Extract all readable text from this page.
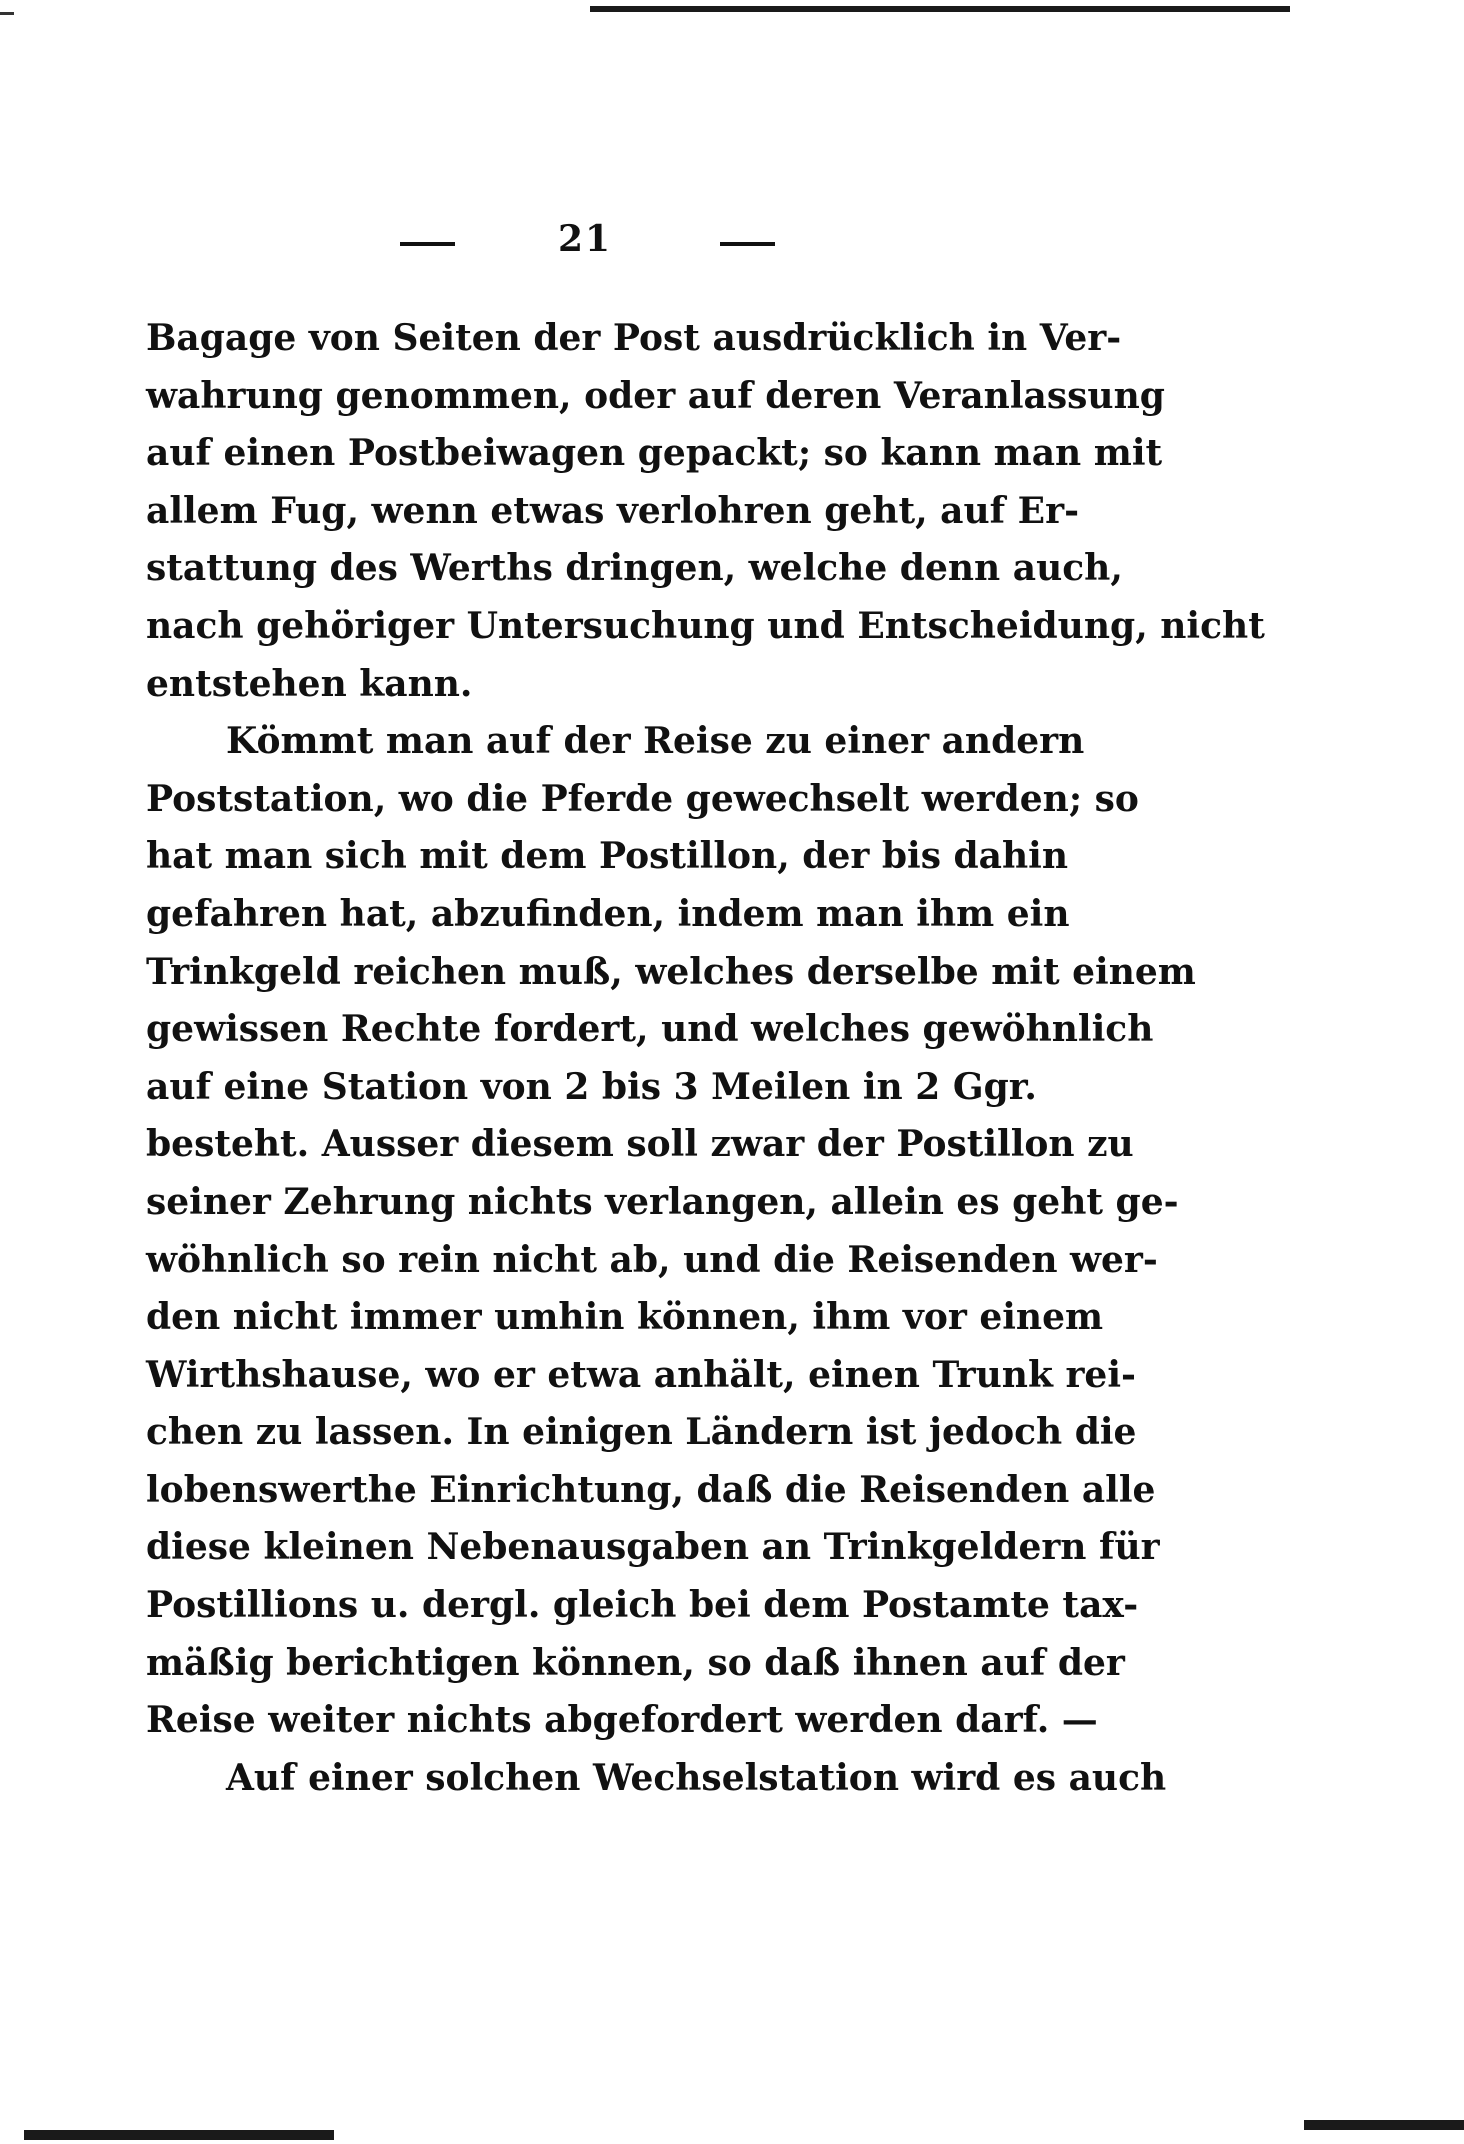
21
Bagage von Seiten der Post ausdrücklich in Ver-
wahrung genommen, oder auf deren Veranlassung
auf einen Postbeiwagen gepackt; so kann man mit
allem Fug, wenn etwas verlohren geht, auf Er-
stattung des Werths dringen, welche denn auch,
nach gehöriger Untersuchung und Entscheidung, nicht
entstehen kann.
Kömmt man auf der Reise zu einer andern
Poststation, wo die Pferde gewechselt werden; so
hat man sich mit dem Postillon, der bis dahin
gefahren hat, abzufinden, indem man ihm ein
Trinkgeld reichen muß, welches derselbe mit einem
gewissen Rechte fordert, und welches gewöhnlich
auf eine Station von 2 bis 3 Meilen in 2 Ggr.
besteht. Ausser diesem soll zwar der Postillon zu
seiner Zehrung nichts verlangen, allein es geht ge-
wöhnlich so rein nicht ab, und die Reisenden wer-
den nicht immer umhin können, ihm vor einem
Wirthshause, wo er etwa anhält, einen Trunk rei-
chen zu lassen. In einigen Ländern ist jedoch die
lobenswerthe Einrichtung, daß die Reisenden alle
diese kleinen Nebenausgaben an Trinkgeldern für
Postillions u. dergl. gleich bei dem Postamte tax-
mäßig berichtigen können, so daß ihnen auf der
Reise weiter nichts abgefordert werden darf. —
Auf einer solchen Wechselstation wird es auch
